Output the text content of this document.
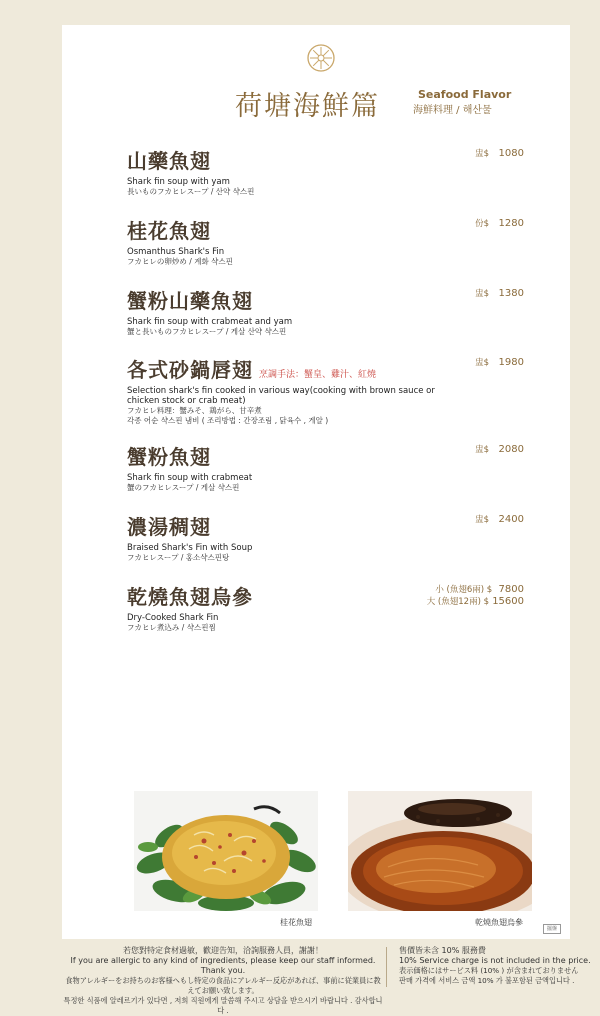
荷塘海鮮篇	Seafood Flavor
海鮮料理 / 해산물
山藥魚翅
Shark fin soup with yam
長いものフカヒレスープ / 산약 샥스핀
盅$ 1080
桂花魚翅
Osmanthus Shark's Fin
フカヒレの卵炒め / 계화 샥스핀
份$ 1280
蟹粉山藥魚翅
Shark fin soup with crabmeat and yam
蟹と長いものフカヒレスープ / 게살 산약 샥스핀
盅$ 1380
各式砂鍋唇翅 烹調手法：蟹皇、雞汁、紅燒
Selection shark's fin cooked in various way(cooking with brown sauce or chicken stock or crab meat)
フカヒレ料理：蟹みそ、鶏がら、甘辛煮
각종 어순 샥스핀 냄비 ( 조리방법 : 간장조림 , 닭육수 , 게알 )
盅$ 1980
蟹粉魚翅
Shark fin soup with crabmeat
蟹のフカヒレスープ / 게살 샥스핀
盅$ 2080
濃湯稠翅
Braised Shark's Fin with Soup
フカヒレスープ / 홍소샥스핀탕
盅$ 2400
乾燒魚翅烏參
Dry-Cooked Shark Fin
フカヒレ煮込み / 샥스핀찜
小 (魚翅6兩) $ 7800
大 (魚翅12兩) $ 15600
桂花魚翅	乾燒魚翅烏參
擺盤
若您對特定食材過敏，歡迎告知，洽詢服務人員，謝謝！
If you are allergic to any kind of ingredients, please keep our staff informed. Thank you.
食物アレルギーをお持ちのお客様へもし特定の食品にアレルギー反応があれば、事前に従業員に教えてお願い致します。
특정한 식품에 알레르기가 있다면 , 저희 직원에게 말씀해 주시고 상담을 받으시기 바랍니다 . 감사합니다 .
售價皆未含 10% 服務費
10% Service charge is not included in the price.
表示価格にはサービス料 (10% ) が含まれておりません
판매 가격에 서비스 금액 10% 가 불포함된 금액입니다 .
